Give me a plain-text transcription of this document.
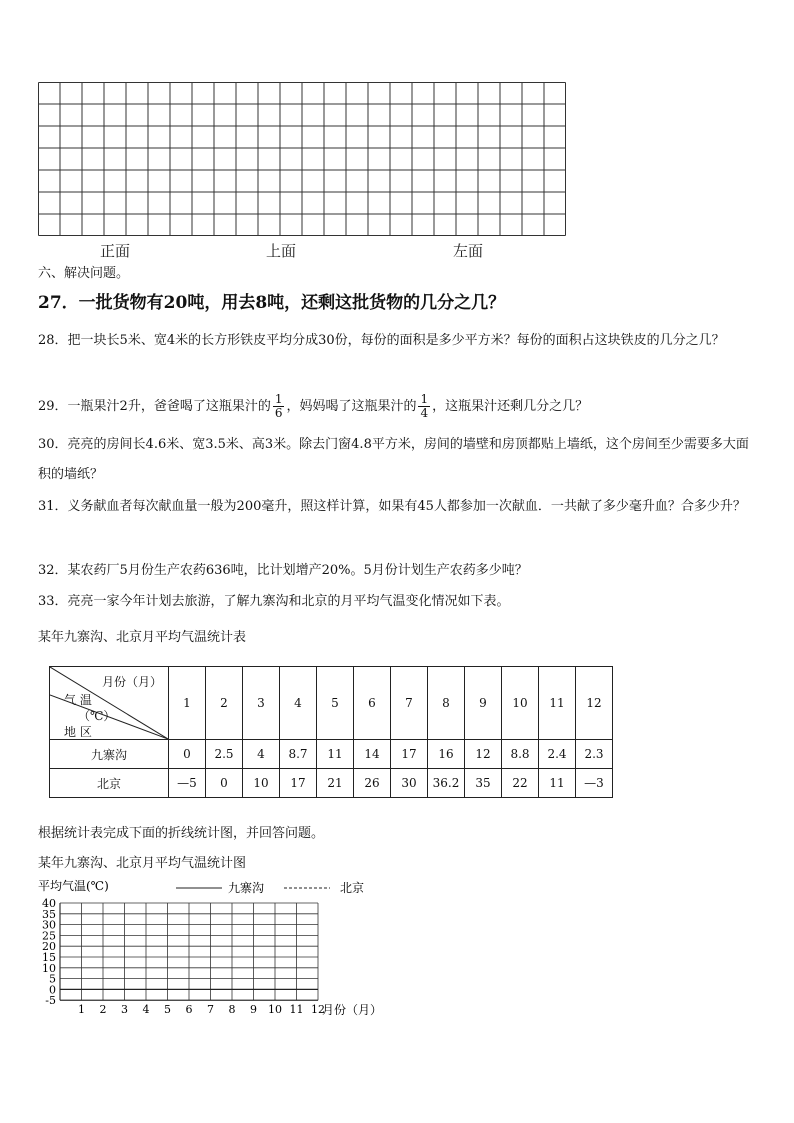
正面	上面	左面
六、解决问题。
27．一批货物有20吨，用去8吨，还剩这批货物的几分之几？
28．把一块长5米、宽4米的长方形铁皮平均分成30份，每份的面积是多少平方米？每份的面积占这块铁皮的几分之几？
29．一瓶果汁2升，爸爸喝了这瓶果汁的 $\frac{1}{6}$ ，妈妈喝了这瓶果汁的 $\frac{1}{4}$ ，这瓶果汁还剩几分之几？
30．亮亮的房间长4.6米、宽3.5米、高3米。除去门窗4.8平方米，房间的墙壁和房顶都贴上墙纸，这个房间至少需要多大面积的墙纸？
31．义务献血者每次献血量一般为200毫升，照这样计算，如果有45人都参加一次献血．一共献了多少毫升血？合多少升？
32．某农药厂5月份生产农药636吨，比计划增产20%。5月份计划生产农药多少吨？
33．亮亮一家今年计划去旅游，了解九寨沟和北京的月平均气温变化情况如下表。
某年九寨沟、北京月平均气温统计表
月份（月）
气 温
（℃）
地 区	1	2	3	4	5	6	7	8	9	10	11	12
九寨沟	0	2.5	4	8.7	11	14	17	16	12	8.8	2.4	2.3
北京	—5	0	10	17	21	26	30	36.2	35	22	11	—3
根据统计表完成下面的折线统计图，并回答问题。
某年九寨沟、北京月平均气温统计图
平均气温(℃)	九寨沟	北京
月份（月）
-5
0
5
10
15
20
25
30
35
40
1 2 3 4 5 6 7 8 9 10 11 12
